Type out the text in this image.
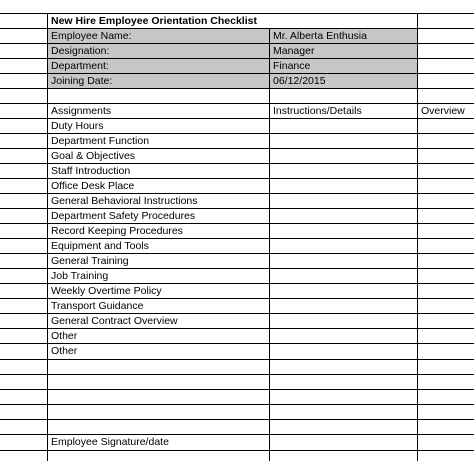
New Hire Employee Orientation Checklist
Employee Name:	Mr. Alberta Enthusia
Designation:	Manager
Department:	Finance
Joining Date:	06/12/2015
Assignments	Instructions/Details	Overview
Duty Hours
Department Function
Goal & Objectives
Staff Introduction
Office Desk Place
General Behavioral Instructions
Department Safety Procedures
Record Keeping Procedures
Equipment and Tools
General Training
Job Training
Weekly Overtime Policy
Transport Guidance
General Contract Overview
Other
Other
Employee Signature/date
